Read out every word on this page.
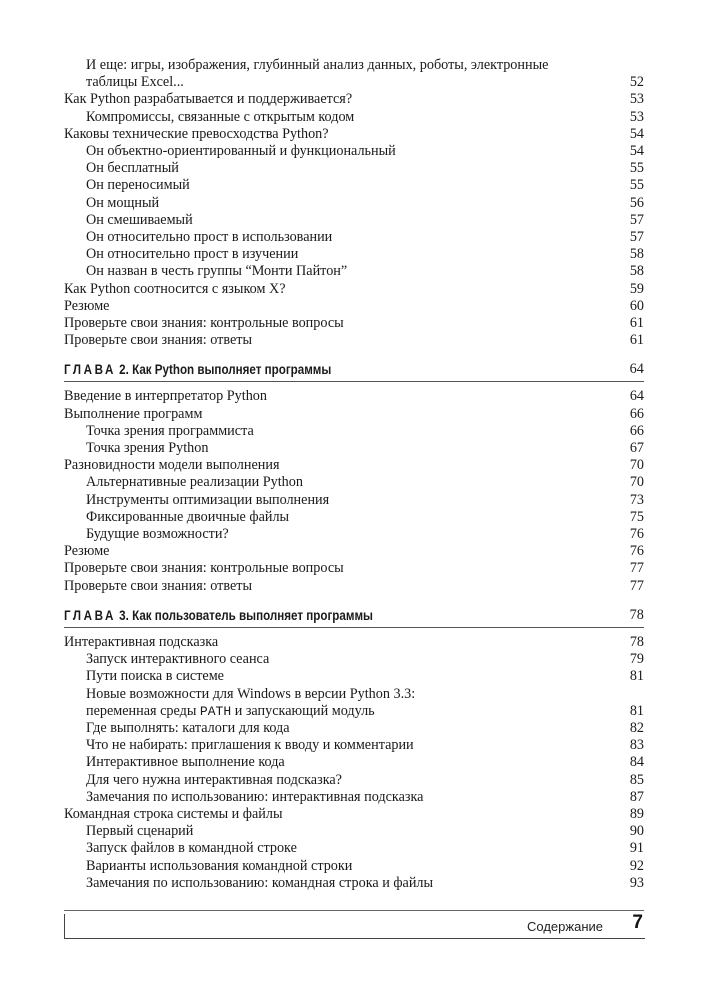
И еще: игры, изображения, глубинный анализ данных, роботы, электронные таблицы Excel...	52
Как Python разрабатывается и поддерживается?	53
Компромиссы, связанные с открытым кодом	53
Каковы технические превосходства Python?	54
Он объектно-ориентированный и функциональный	54
Он бесплатный	55
Он переносимый	55
Он мощный	56
Он смешиваемый	57
Он относительно прост в использовании	57
Он относительно прост в изучении	58
Он назван в честь группы “Монти Пайтон”	58
Как Python соотносится с языком X?	59
Резюме	60
Проверьте свои знания: контрольные вопросы	61
Проверьте свои знания: ответы	61
ГЛАВА 2. Как Python выполняет программы	64
Введение в интерпретатор Python	64
Выполнение программ	66
Точка зрения программиста	66
Точка зрения Python	67
Разновидности модели выполнения	70
Альтернативные реализации Python	70
Инструменты оптимизации выполнения	73
Фиксированные двоичные файлы	75
Будущие возможности?	76
Резюме	76
Проверьте свои знания: контрольные вопросы	77
Проверьте свои знания: ответы	77
ГЛАВА 3. Как пользователь выполняет программы	78
Интерактивная подсказка	78
Запуск интерактивного сеанса	79
Пути поиска в системе	81
Новые возможности для Windows в версии Python 3.3:
переменная среды PATH и запускающий модуль	81
Где выполнять: каталоги для кода	82
Что не набирать: приглашения к вводу и комментарии	83
Интерактивное выполнение кода	84
Для чего нужна интерактивная подсказка?	85
Замечания по использованию: интерактивная подсказка	87
Командная строка системы и файлы	89
Первый сценарий	90
Запуск файлов в командной строке	91
Варианты использования командной строки	92
Замечания по использованию: командная строка и файлы	93
Содержание 7
